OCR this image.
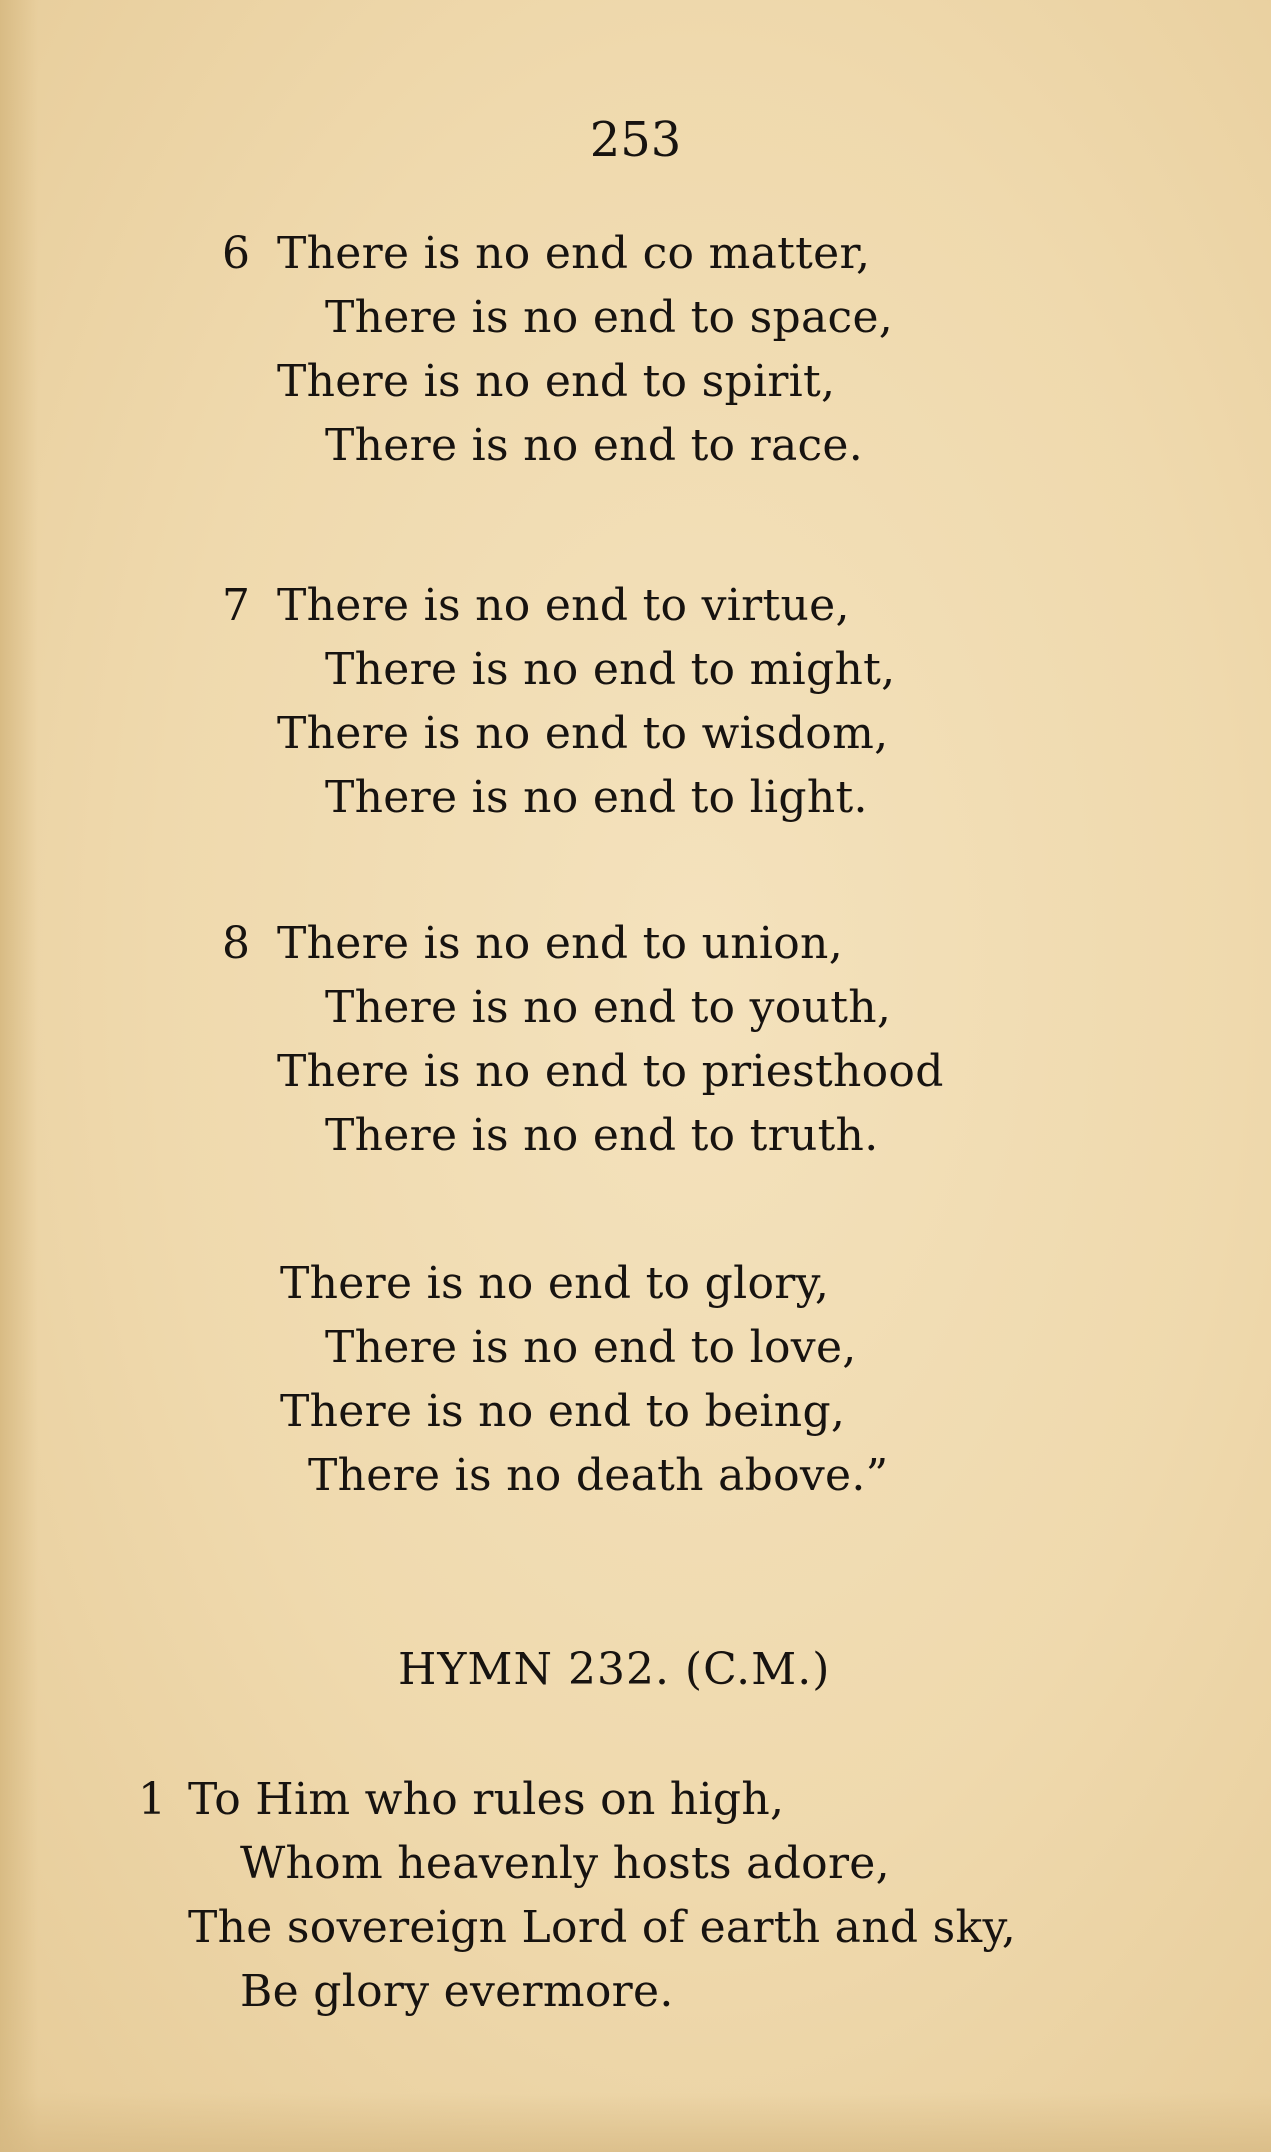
253
6 There is no end co matter,
There is no end to space,
There is no end to spirit,
There is no end to race.
7 There is no end to virtue,
There is no end to might,
There is no end to wisdom,
There is no end to light.
8 There is no end to union,
There is no end to youth,
There is no end to priesthood
There is no end to truth.
There is no end to glory,
There is no end to love,
There is no end to being,
There is no death above.”
HYMN 232. (C.M.)
1 To Him who rules on high,
Whom heavenly hosts adore,
The sovereign Lord of earth and sky,
Be glory evermore.
